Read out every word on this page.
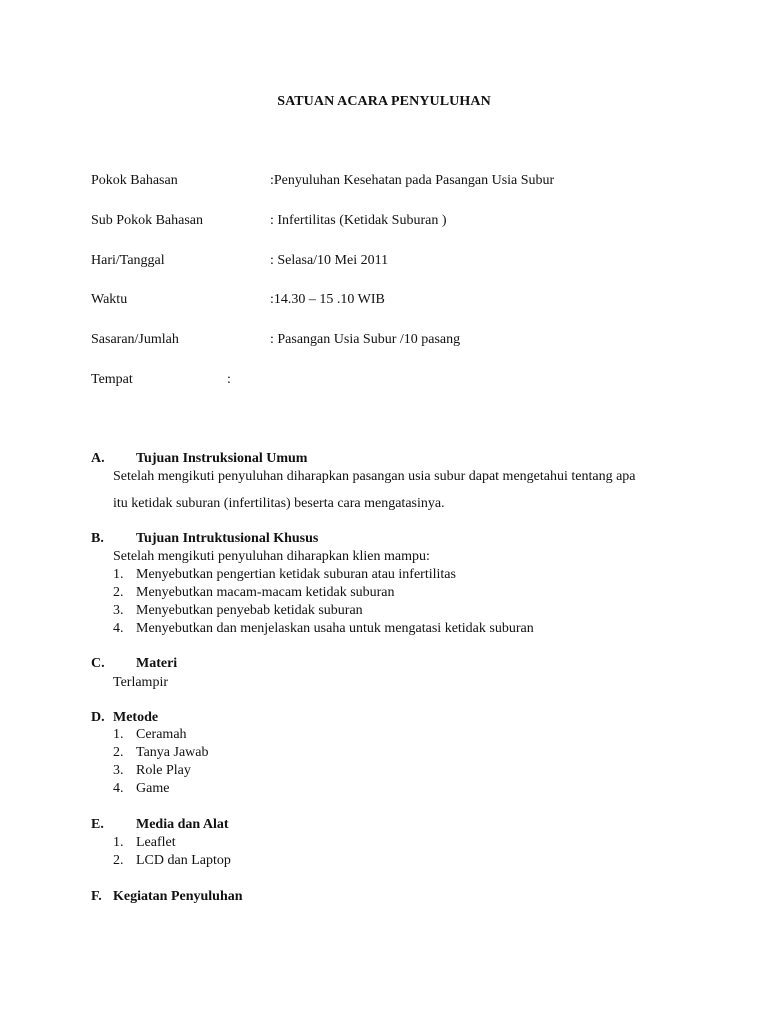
SATUAN ACARA PENYULUHAN
Pokok Bahasan	:Penyuluhan Kesehatan pada Pasangan Usia Subur
Sub Pokok Bahasan	: Infertilitas (Ketidak Suburan )
Hari/Tanggal	: Selasa/10 Mei 2011
Waktu	:14.30 – 15 .10 WIB
Sasaran/Jumlah	: Pasangan Usia Subur /10 pasang
Tempat	:
A. Tujuan Instruksional Umum
Setelah mengikuti penyuluhan diharapkan pasangan usia subur dapat mengetahui tentang apa
itu ketidak suburan (infertilitas) beserta cara mengatasinya.
B. Tujuan Intruktusional Khusus
Setelah mengikuti penyuluhan diharapkan klien mampu:
1. Menyebutkan pengertian ketidak suburan atau infertilitas
2. Menyebutkan macam-macam ketidak suburan
3. Menyebutkan penyebab ketidak suburan
4. Menyebutkan dan menjelaskan usaha untuk mengatasi ketidak suburan
C. Materi
Terlampir
D. Metode
1. Ceramah
2. Tanya Jawab
3. Role Play
4. Game
E. Media dan Alat
1. Leaflet
2. LCD dan Laptop
F. Kegiatan Penyuluhan
